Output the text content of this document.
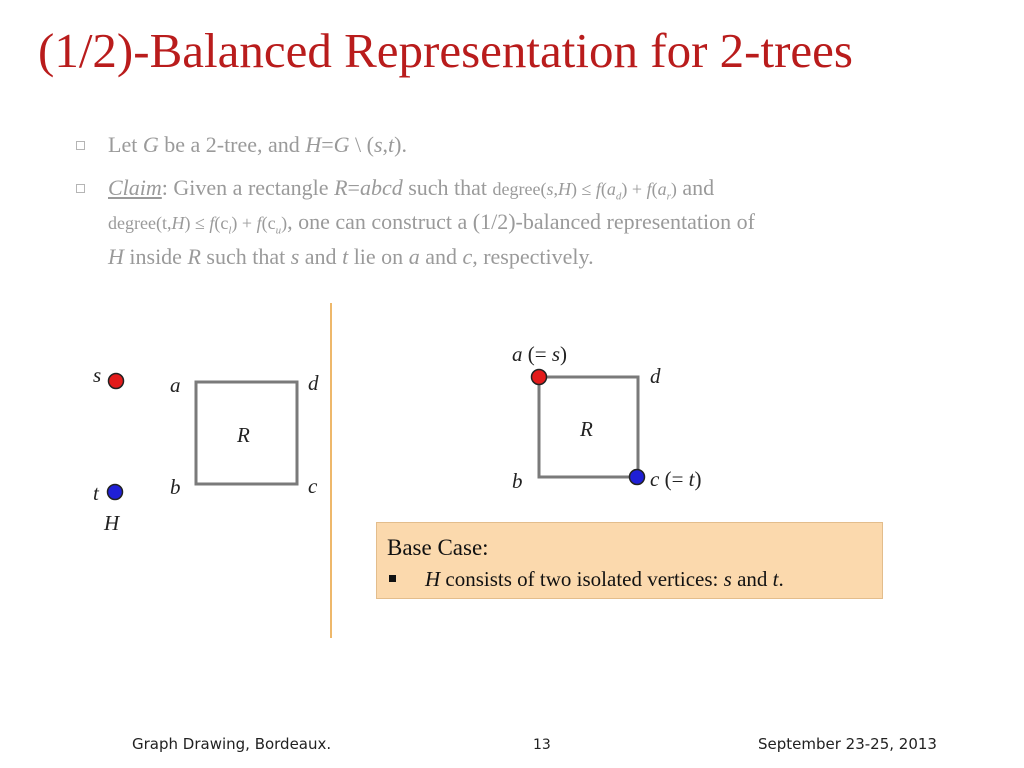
(1/2)-Balanced Representation for 2-trees
Let G be a 2-tree, and H=G \ (s,t).
Claim: Given a rectangle R=abcd such that degree(s,H) ≤ $f(a_d) + f(a_r)$ and
degree(t,H) ≤ $f(c_l) + f(c_u)$, one can construct a (1/2)-balanced representation of
H inside R such that s and t lie on a and c, respectively.
s
t
H
a	d
b	c
R
a (= s)
d
R
b	c (= t)
Base Case:
H consists of two isolated vertices: s and t.
Graph Drawing, Bordeaux.	13	September 23-25, 2013
